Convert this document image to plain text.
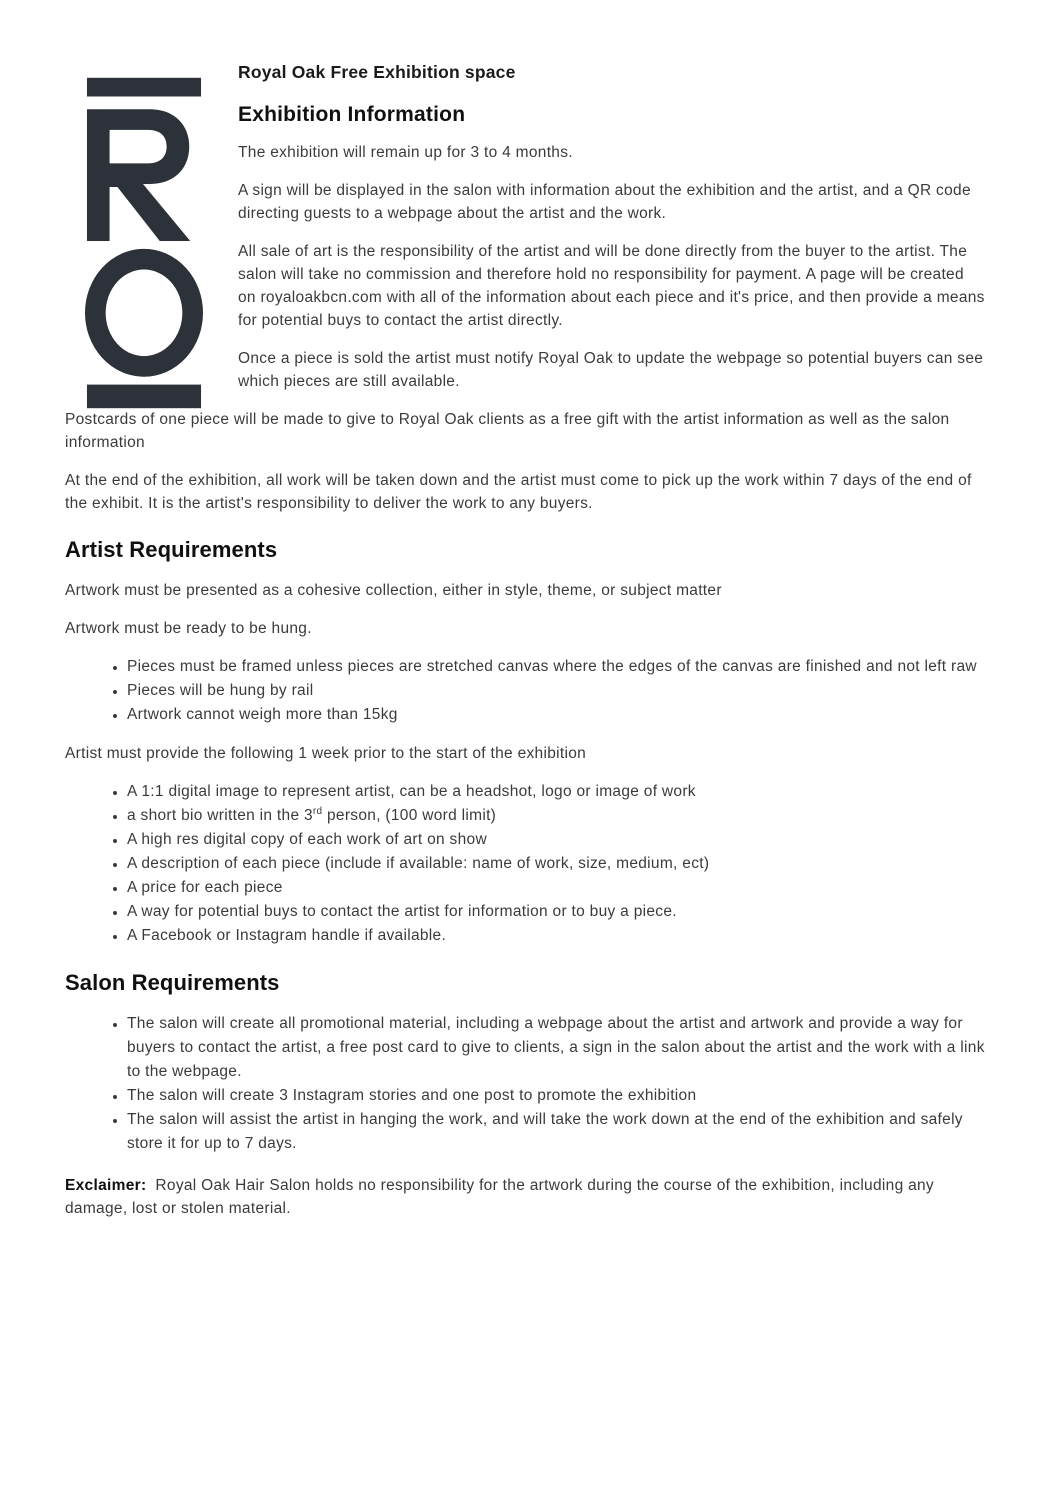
Royal Oak Free Exhibition space
Exhibition Information

The exhibition will remain up for 3 to 4 months.

A sign will be displayed in the salon with information about the exhibition and the artist, and a QR code directing guests to a webpage about the artist and the work.

All sale of art is the responsibility of the artist and will be done directly from the buyer to the artist. The salon will take no commission and therefore hold no responsibility for payment. A page will be created on royaloakbcn.com with all of the information about each piece and it's price, and then provide a means for potential buys to contact the artist directly.

Once a piece is sold the artist must notify Royal Oak to update the webpage so potential buyers can see which pieces are still available.

Postcards of one piece will be made to give to Royal Oak clients as a free gift with the artist information as well as the salon information

At the end of the exhibition, all work will be taken down and the artist must come to pick up the work within 7 days of the end of the exhibit. It is the artist's responsibility to deliver the work to any buyers.

Artist Requirements

Artwork must be presented as a cohesive collection, either in style, theme, or subject matter

Artwork must be ready to be hung.

• Pieces must be framed unless pieces are stretched canvas where the edges of the canvas are finished and not left raw
• Pieces will be hung by rail
• Artwork cannot weigh more than 15kg

Artist must provide the following 1 week prior to the start of the exhibition

• A 1:1 digital image to represent artist, can be a headshot, logo or image of work
• a short bio written in the 3rd person, (100 word limit)
• A high res digital copy of each work of art on show
• A description of each piece (include if available: name of work, size, medium, ect)
• A price for each piece
• A way for potential buys to contact the artist for information or to buy a piece.
• A Facebook or Instagram handle if available.
Salon Requirements
• The salon will create all promotional material, including a webpage about the artist and artwork and provide a way for buyers to contact the artist, a free post card to give to clients, a sign in the salon about the artist and the work with a link to the webpage.
• The salon will create 3 Instagram stories and one post to promote the exhibition
• The salon will assist the artist in hanging the work, and will take the work down at the end of the exhibition and safely store it for up to 7 days.

Exclaimer: Royal Oak Hair Salon holds no responsibility for the artwork during the course of the exhibition, including any damage, lost or stolen material.
